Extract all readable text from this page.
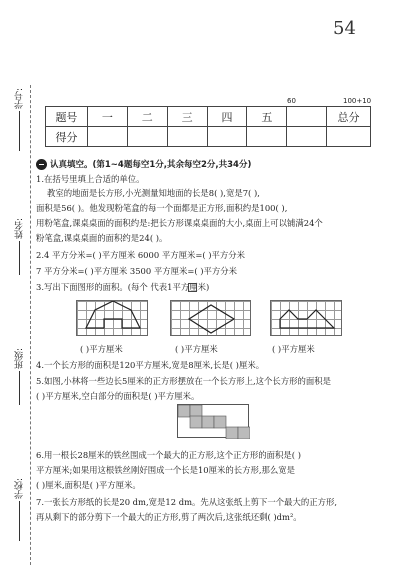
54
学号:
姓名:
班级:
学校:
60	100+10
题号	一	二	三	四	五		总分
得分							
认真填空。(第1~4题每空1分,其余每空2分,共34分)
1.在括号里填上合适的单位。
教室的地面是长方形,小光测量知地面的长是8( ),宽是7( ),
面积是56( )。他发现粉笔盒的每一个面都是正方形,面积约是100( ),
用粉笔盒,课桌桌面的面积约是:把长方形课桌桌面的大小,桌面上可以铺满24个
粉笔盒,课桌桌面的面积约是24( )。
2.4 平方分米=( )平方厘米 6000 平方厘米=( )平方分米
7 平方分米=( )平方厘米 3500 平方厘米=( )平方分米
3.写出下面图形的面积。(每个 代表1平方厘米)
( )平方厘米	( )平方厘米	( )平方厘米
4.一个长方形的面积是120平方厘米,宽是8厘米,长是( )厘米。
5.如图,小林将一些边长5厘米的正方形摆放在一个长方形上,这个长方形的面积是
( )平方厘米,空白部分的面积是( )平方厘米。
6.用一根长28厘米的铁丝围成一个最大的正方形,这个正方形的面积是( )
平方厘米;如果用这根铁丝刚好围成一个长是10厘米的长方形,那么宽是
( )厘米,面积是( )平方厘米。
7.一张长方形纸的长是20 dm,宽是12 dm。先从这张纸上剪下一个最大的正方形,
再从剩下的部分剪下一个最大的正方形,剪了两次后,这张纸还剩( )dm²。
